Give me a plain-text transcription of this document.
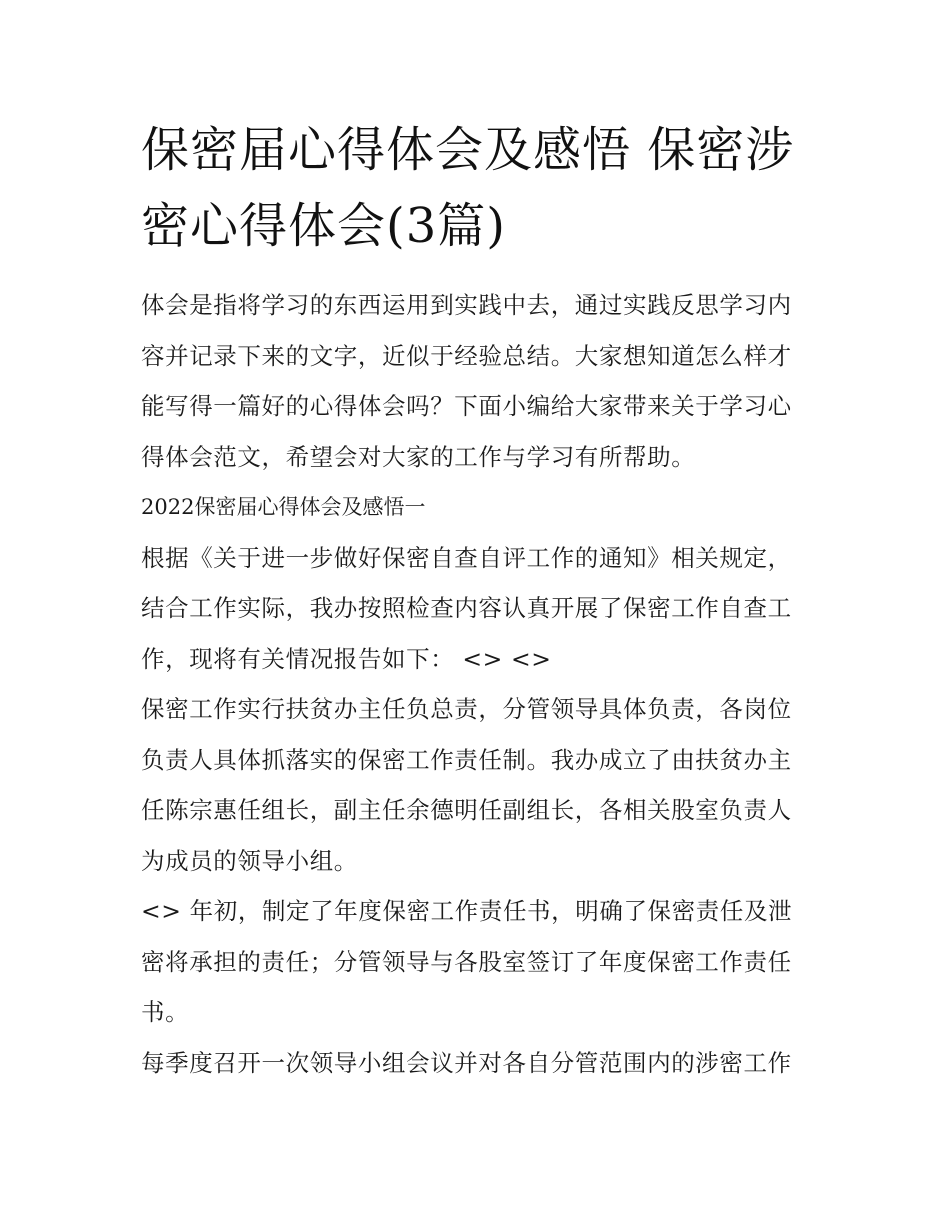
保密届心得体会及感悟 保密涉密心得体会(3篇)

体会是指将学习的东西运用到实践中去，通过实践反思学习内容并记录下来的文字，近似于经验总结。大家想知道怎么样才能写得一篇好的心得体会吗？下面小编给大家带来关于学习心得体会范文，希望会对大家的工作与学习有所帮助。

2022保密届心得体会及感悟一

根据《关于进一步做好保密自查自评工作的通知》相关规定，结合工作实际，我办按照检查内容认真开展了保密工作自查工作，现将有关情况报告如下： <> <>

保密工作实行扶贫办主任负总责，分管领导具体负责，各岗位负责人具体抓落实的保密工作责任制。我办成立了由扶贫办主任陈宗惠任组长，副主任余德明任副组长，各相关股室负责人为成员的领导小组。

<> 年初，制定了年度保密工作责任书，明确了保密责任及泄密将承担的责任；分管领导与各股室签订了年度保密工作责任书。

每季度召开一次领导小组会议并对各自分管范围内的涉密工作
